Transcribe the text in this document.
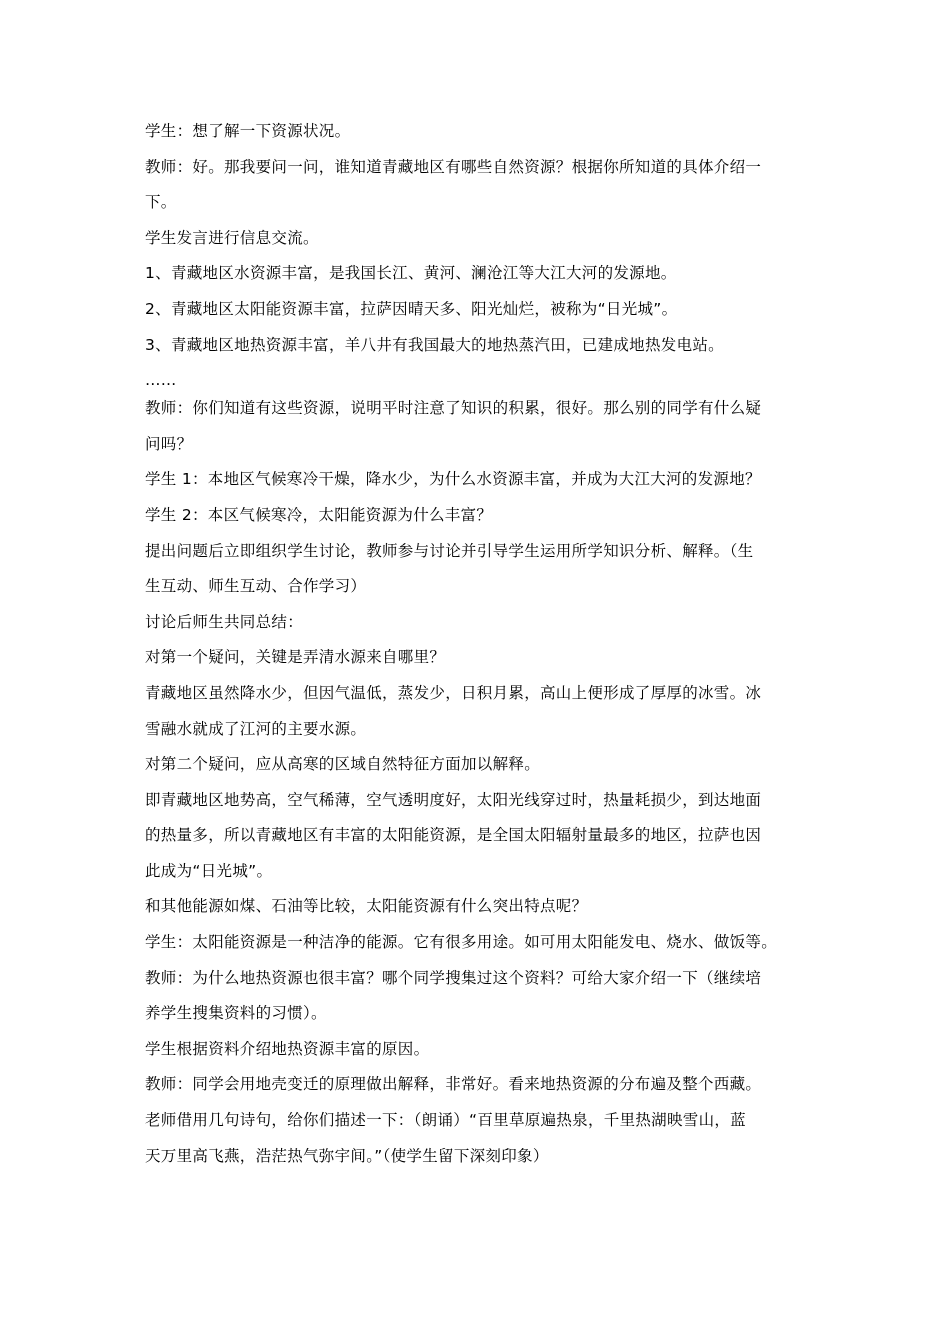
学生：想了解一下资源状况。
教师：好。那我要问一问，谁知道青藏地区有哪些自然资源？根据你所知道的具体介绍一
下。
学生发言进行信息交流。
1、青藏地区水资源丰富，是我国长江、黄河、澜沧江等大江大河的发源地。
2、青藏地区太阳能资源丰富，拉萨因晴天多、阳光灿烂，被称为“日光城”。
3、青藏地区地热资源丰富，羊八井有我国最大的地热蒸汽田，已建成地热发电站。
……
教师：你们知道有这些资源，说明平时注意了知识的积累，很好。那么别的同学有什么疑
问吗？
学生 1：本地区气候寒冷干燥，降水少，为什么水资源丰富，并成为大江大河的发源地？
学生 2：本区气候寒冷，太阳能资源为什么丰富？
提出问题后立即组织学生讨论，教师参与讨论并引导学生运用所学知识分析、解释。（生
生互动、师生互动、合作学习）
讨论后师生共同总结：
对第一个疑问，关键是弄清水源来自哪里？
青藏地区虽然降水少，但因气温低，蒸发少，日积月累，高山上便形成了厚厚的冰雪。冰
雪融水就成了江河的主要水源。
对第二个疑问，应从高寒的区域自然特征方面加以解释。
即青藏地区地势高，空气稀薄，空气透明度好，太阳光线穿过时，热量耗损少，到达地面
的热量多，所以青藏地区有丰富的太阳能资源，是全国太阳辐射量最多的地区，拉萨也因
此成为“日光城”。
和其他能源如煤、石油等比较，太阳能资源有什么突出特点呢？
学生：太阳能资源是一种洁净的能源。它有很多用途。如可用太阳能发电、烧水、做饭等。
教师：为什么地热资源也很丰富？哪个同学搜集过这个资料？可给大家介绍一下（继续培
养学生搜集资料的习惯）。
学生根据资料介绍地热资源丰富的原因。
教师：同学会用地壳变迁的原理做出解释，非常好。看来地热资源的分布遍及整个西藏。
老师借用几句诗句，给你们描述一下：（朗诵）“百里草原遍热泉，千里热湖映雪山，蓝
天万里高飞燕，浩茫热气弥宇间。”（使学生留下深刻印象）
